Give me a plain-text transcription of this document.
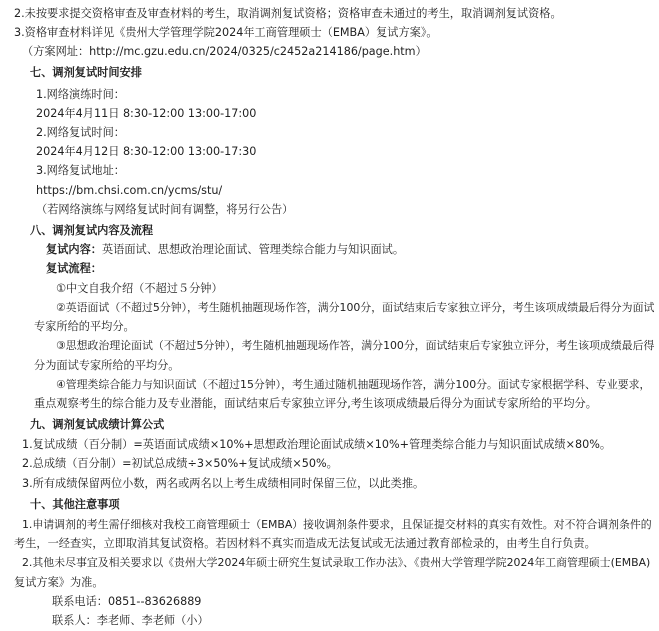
2.未按要求提交资格审查及审查材料的考生，取消调剂复试资格；资格审查未通过的考生，取消调剂复试资格。
3.资格审查材料详见《贵州大学管理学院2024年工商管理硕士（EMBA）复试方案》。
（方案网址：http://mc.gzu.edu.cn/2024/0325/c2452a214186/page.htm）
七、调剂复试时间安排
1.网络演练时间：
2024年4月11日 8:30-12:00 13:00-17:00
2.网络复试时间：
2024年4月12日 8:30-12:00 13:00-17:30
3.网络复试地址：
https://bm.chsi.com.cn/ycms/stu/
（若网络演练与网络复试时间有调整，将另行公告）
八、调剂复试内容及流程
复试内容：英语面试、思想政治理论面试、管理类综合能力与知识面试。
复试流程：
①中文自我介绍（不超过５分钟）
②英语面试（不超过5分钟），考生随机抽题现场作答，满分100分，面试结束后专家独立评分，考生该项成绩最后得分为面试
专家所给的平均分。
③思想政治理论面试（不超过5分钟），考生随机抽题现场作答，满分100分，面试结束后专家独立评分，考生该项成绩最后得
分为面试专家所给的平均分。
④管理类综合能力与知识面试（不超过15分钟），考生通过随机抽题现场作答，满分100分。面试专家根据学科、专业要求，
重点观察考生的综合能力及专业潜能，面试结束后专家独立评分,考生该项成绩最后得分为面试专家所给的平均分。
九、调剂复试成绩计算公式
1.复试成绩（百分制）=英语面试成绩×10%+思想政治理论面试成绩×10%+管理类综合能力与知识面试成绩×80%。
2.总成绩（百分制）=初试总成绩÷3×50%+复试成绩×50%。
3.所有成绩保留两位小数，两名或两名以上考生成绩相同时保留三位，以此类推。
十、其他注意事项
1.申请调剂的考生需仔细核对我校工商管理硕士（EMBA）接收调剂条件要求，且保证提交材料的真实有效性。对不符合调剂条件的
考生，一经查实，立即取消其复试资格。若因材料不真实而造成无法复试或无法通过教育部检录的，由考生自行负责。
2.其他未尽事宜及相关要求以《贵州大学2024年硕士研究生复试录取工作办法》、《贵州大学管理学院2024年工商管理硕士(EMBA)
复试方案》为准。
联系电话：0851--83626889
联系人：李老师、李老师（小）
